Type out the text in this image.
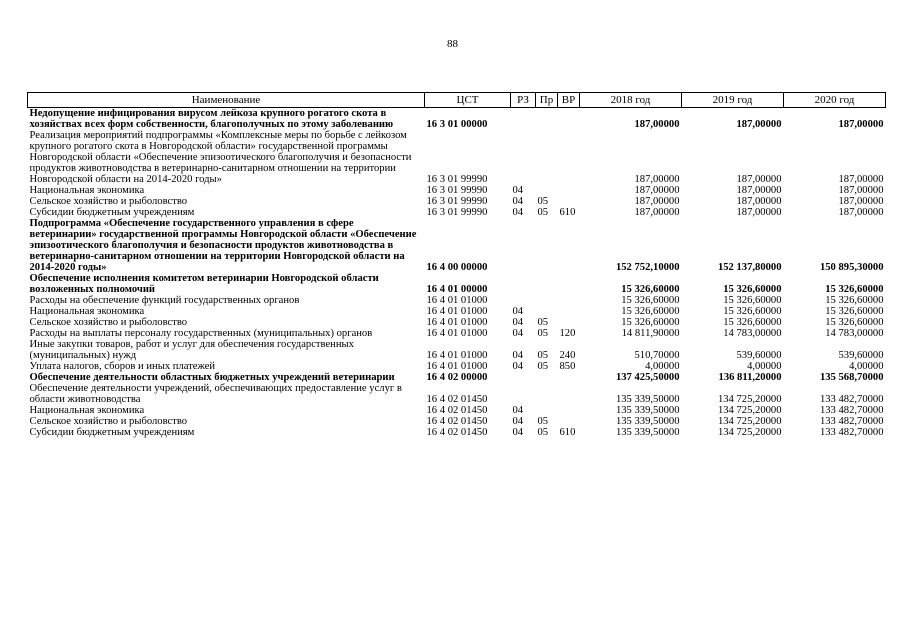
88
Наименование	ЦСТ	РЗ	Пр	ВР	2018 год	2019 год	2020 год
Недопущение инфицирования вирусом лейкоза крупного рогатого скота в хозяйствах всех форм собственности, благополучных по этому заболеванию	16 3 01 00000				187,00000	187,00000	187,00000
Реализация мероприятий подпрограммы «Комплексные меры по борьбе с лейкозом крупного рогатого скота в Новгородской области» государственной программы Новгородской области «Обеспечение эпизоотического благополучия и безопасности продуктов животноводства в ветеринарно-санитарном отношении на территории Новгородской области на 2014-2020 годы»	16 3 01 99990				187,00000	187,00000	187,00000
Национальная экономика	16 3 01 99990	04			187,00000	187,00000	187,00000
Сельское хозяйство и рыболовство	16 3 01 99990	04	05		187,00000	187,00000	187,00000
Субсидии бюджетным учреждениям	16 3 01 99990	04	05	610	187,00000	187,00000	187,00000
Подпрограмма «Обеспечение государственного управления в сфере ветеринарии» государственной программы Новгородской области «Обеспечение эпизоотического благополучия и безопасности продуктов животноводства в ветеринарно-санитарном отношении на территории Новгородской области на 2014-2020 годы»	16 4 00 00000				152 752,10000	152 137,80000	150 895,30000
Обеспечение исполнения комитетом ветеринарии Новгородской области возложенных полномочий	16 4 01 00000				15 326,60000	15 326,60000	15 326,60000
Расходы на обеспечение функций государственных органов	16 4 01 01000				15 326,60000	15 326,60000	15 326,60000
Национальная экономика	16 4 01 01000	04			15 326,60000	15 326,60000	15 326,60000
Сельское хозяйство и рыболовство	16 4 01 01000	04	05		15 326,60000	15 326,60000	15 326,60000
Расходы на выплаты персоналу государственных (муниципальных) органов	16 4 01 01000	04	05	120	14 811,90000	14 783,00000	14 783,00000
Иные закупки товаров, работ и услуг для обеспечения государственных (муниципальных) нужд	16 4 01 01000	04	05	240	510,70000	539,60000	539,60000
Уплата налогов, сборов и иных платежей	16 4 01 01000	04	05	850	4,00000	4,00000	4,00000
Обеспечение деятельности областных бюджетных учреждений ветеринарии	16 4 02 00000				137 425,50000	136 811,20000	135 568,70000
Обеспечение деятельности учреждений, обеспечивающих предоставление услуг в области животноводства	16 4 02 01450				135 339,50000	134 725,20000	133 482,70000
Национальная экономика	16 4 02 01450	04			135 339,50000	134 725,20000	133 482,70000
Сельское хозяйство и рыболовство	16 4 02 01450	04	05		135 339,50000	134 725,20000	133 482,70000
Субсидии бюджетным учреждениям	16 4 02 01450	04	05	610	135 339,50000	134 725,20000	133 482,70000
